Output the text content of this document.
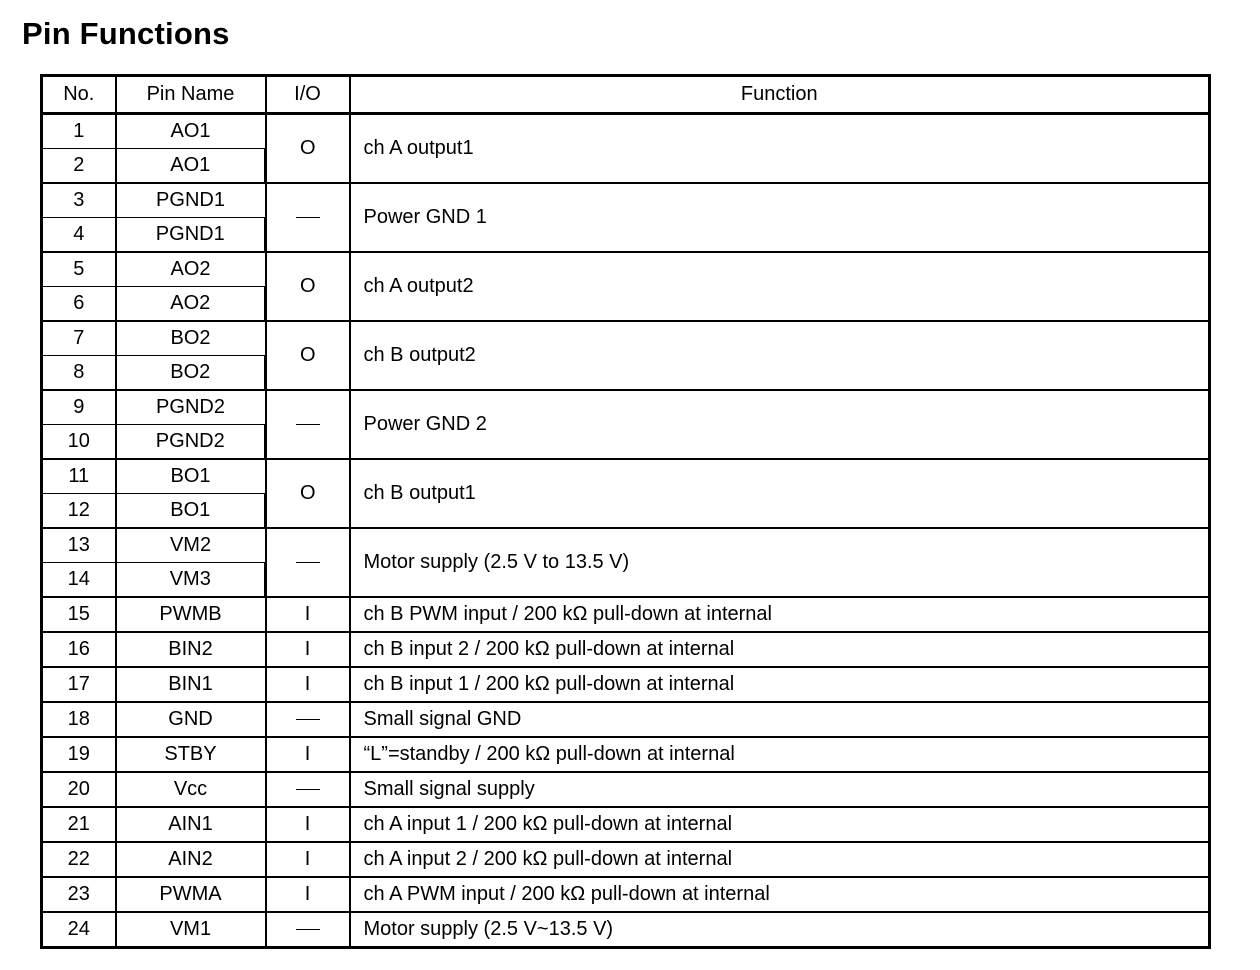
Pin Functions
No.	Pin Name	I/O	Function
1	AO1	O	ch A output1
2	AO1		
3	PGND1		Power GND 1
4	PGND1		
5	AO2	O	ch A output2
6	AO2		
7	BO2	O	ch B output2
8	BO2		
9	PGND2		Power GND 2
10	PGND2		
11	BO1	O	ch B output1
12	BO1		
13	VM2		Motor supply (2.5 V to 13.5 V)
14	VM3		
15	PWMB	I	ch B PWM input / 200 kΩ pull-down at internal
16	BIN2	I	ch B input 2 / 200 kΩ pull-down at internal
17	BIN1	I	ch B input 1 / 200 kΩ pull-down at internal
18	GND		Small signal GND
19	STBY	I	“L”=standby / 200 kΩ pull-down at internal
20	Vcc		Small signal supply
21	AIN1	I	ch A input 1 / 200 kΩ pull-down at internal
22	AIN2	I	ch A input 2 / 200 kΩ pull-down at internal
23	PWMA	I	ch A PWM input / 200 kΩ pull-down at internal
24	VM1		Motor supply (2.5 V~13.5 V)
